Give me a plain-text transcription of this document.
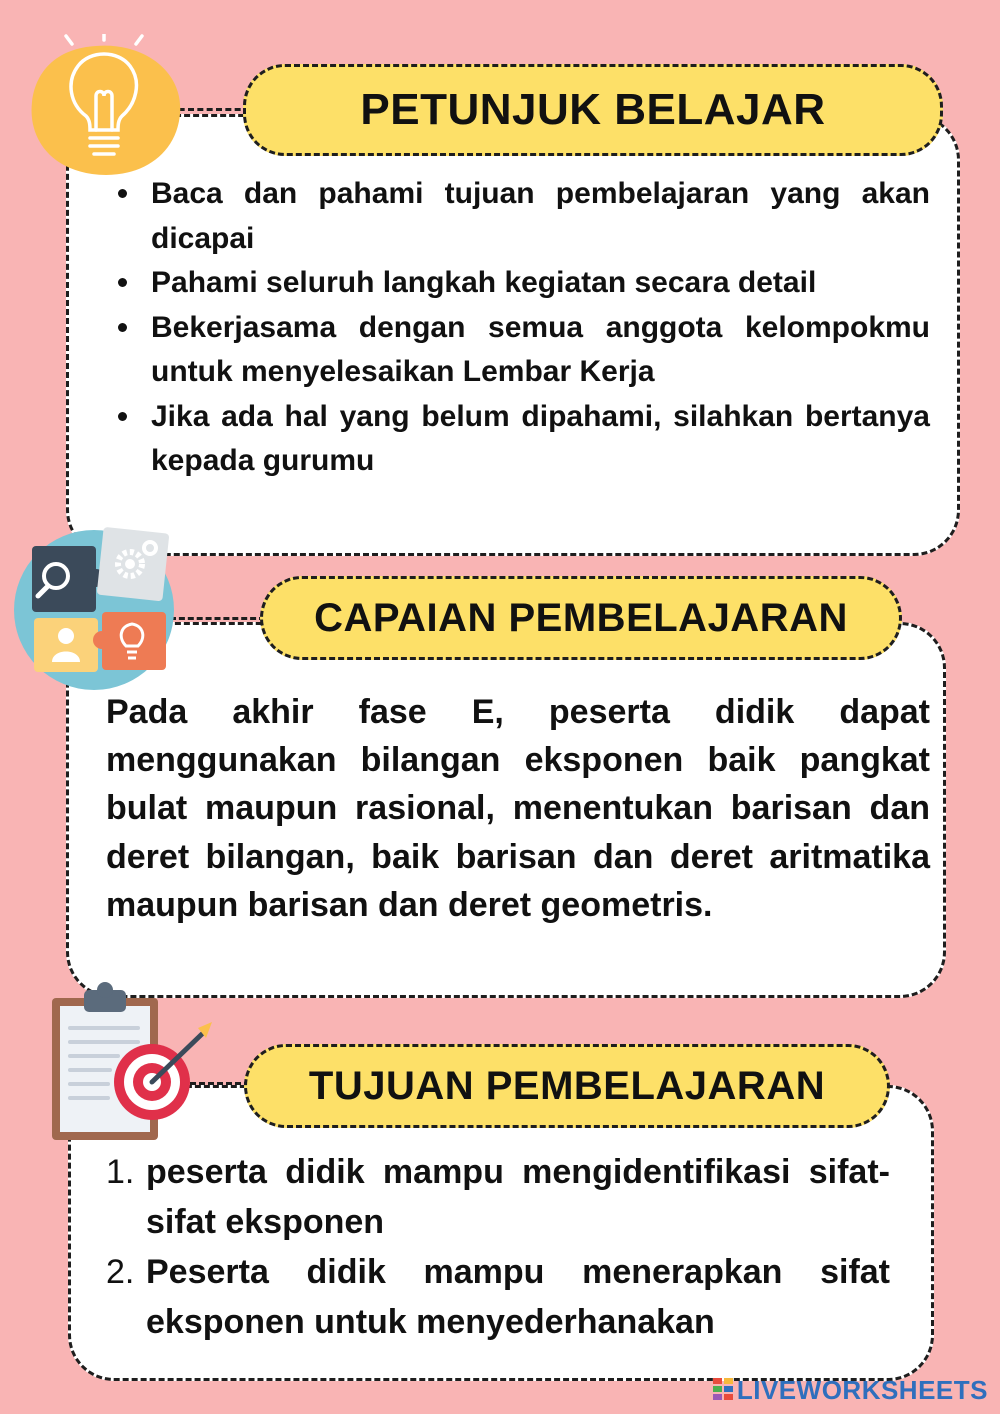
PETUNJUK BELAJAR
Baca dan pahami tujuan pembelajaran yang akan dicapai
Pahami seluruh langkah kegiatan secara detail
Bekerjasama dengan semua anggota kelompokmu untuk menyelesaikan Lembar Kerja
Jika ada hal yang belum dipahami, silahkan bertanya kepada gurumu
CAPAIAN PEMBELAJARAN
Pada akhir fase E, peserta didik dapat menggunakan bilangan eksponen baik pangkat bulat maupun rasional, menentukan barisan dan deret bilangan, baik barisan dan deret aritmatika maupun barisan dan deret geometris.
TUJUAN PEMBELAJARAN
1. peserta didik mampu mengidentifikasi sifat-sifat eksponen
2. Peserta didik mampu menerapkan sifat eksponen untuk menyederhanakan
LIVEWORKSHEETS
